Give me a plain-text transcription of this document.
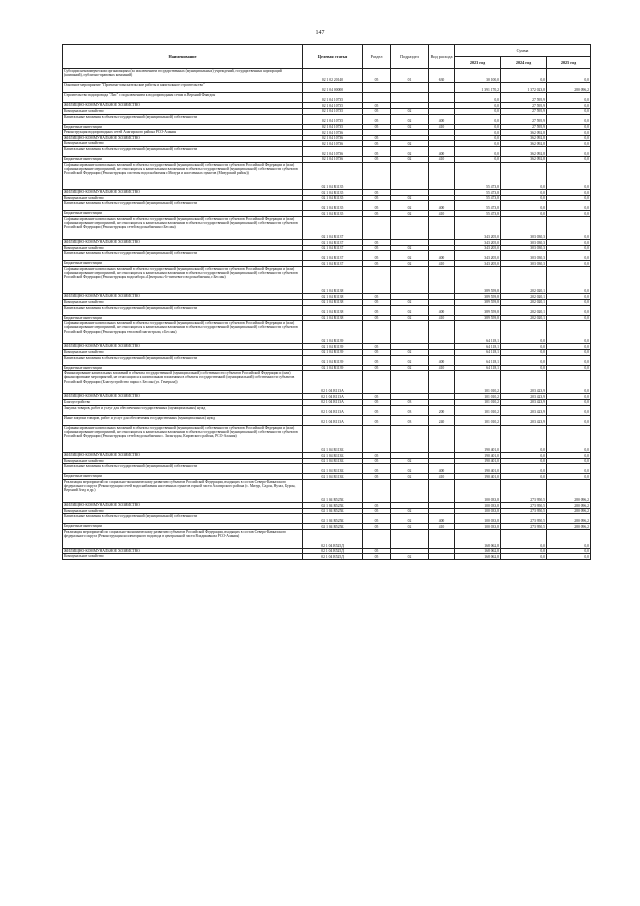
147
Наименование	Целевая статья	Раздел	Подраздел	Вид расхода	Сумма		
					2023 год	2024 год	2025 год
Субсидии некоммерческим организациям (за исключением государственных (муниципальных) учреждений, государственных корпораций (компаний), публично-правовых компаний)	02 1 02 20140	05	01	630	30 100,0	0,0	0,0
Основное мероприятие "Проектно-изыскательские работы и капитальное строительство"	02 1 04 00000				1 391 170,2	1 372 023,8	280 096,2
Строительство водопровода "Лис" с подключением к водопроводным сетям п.Верхний Фиагдон	02 1 04 10735				0,0	27 595,9	0,0
ЖИЛИЩНО-КОММУНАЛЬНОЕ ХОЗЯЙСТВО	02 1 04 10735	05			0,0	27 595,9	0,0
Коммунальное хозяйство	02 1 04 10735	05	02		0,0	27 595,9	0,0
Капитальные вложения в объекты государственной (муниципальной) собственности	02 1 04 10735	05	02	400	0,0	27 595,9	0,0
Бюджетные инвестиции	02 1 04 10735	05	02	410	0,0	27 595,9	0,0
Реконструкция водопроводных сетей Алагирского района РСО-Алания	02 1 04 10736				0,0	362 092,8	0,0
ЖИЛИЩНО-КОММУНАЛЬНОЕ ХОЗЯЙСТВО	02 1 04 10736	05			0,0	362 092,8	0,0
Коммунальное хозяйство	02 1 04 10736	05	02		0,0	362 092,8	0,0
Капитальные вложения в объекты государственной (муниципальной) собственности	02 1 04 10736	05	02	400	0,0	362 092,8	0,0
Бюджетные инвестиции	02 1 04 10736	05	02	410	0,0	362 092,8	0,0
Софинансирование капитальных вложений в объекты государственной (муниципальной) собственности субъектов Российской Федерации и (или) софинансирование мероприятий, не относящихся к капитальным вложениям в объекты государственной (муниципальной) собственности субъектов Российской Федерации (Реконструкция системы водоснабжения г.Мизура и населенных пунктов (Мизурский район))	02 1 04 R1135				55 473,8	0,0	0,0
ЖИЛИЩНО-КОММУНАЛЬНОЕ ХОЗЯЙСТВО	02 1 04 R1135	05			55 473,8	0,0	0,0
Коммунальное хозяйство	02 1 04 R1135	05	02		55 473,8	0,0	0,0
Капитальные вложения в объекты государственной (муниципальной) собственности	02 1 04 R1135	05	02	400	55 473,8	0,0	0,0
Бюджетные инвестиции	02 1 04 R1135	05	02	410	55 473,8	0,0	0,0
Софинансирование капитальных вложений в объекты государственной (муниципальной) собственности субъектов Российской Федерации и (или) софинансирование мероприятий, не относящихся к капитальным вложениям в объекты государственной (муниципальной) собственности субъектов Российской Федерации (Реконструкция сетей водоснабжения г.Беслан)	02 1 04 R1137				343 205,0	303 030,3	0,0
ЖИЛИЩНО-КОММУНАЛЬНОЕ ХОЗЯЙСТВО	02 1 04 R1137	05			343 205,0	303 030,3	0,0
Коммунальное хозяйство	02 1 04 R1137	05	02		343 205,0	303 030,3	0,0
Капитальные вложения в объекты государственной (муниципальной) собственности	02 1 04 R1137	05	02	400	343 205,0	303 030,3	0,0
Бюджетные инвестиции	02 1 04 R1137	05	02	410	343 205,0	303 030,3	0,0
Софинансирование капитальных вложений в объекты государственной (муниципальной) собственности субъектов Российской Федерации и (или) софинансирование мероприятий, не относящихся к капитальным вложениям в объекты государственной (муниципальной) собственности субъектов Российской Федерации (Реконструкция водозабора «Централь»-Ir-питьевого водоснабжения, г.Беслан)	02 1 04 R1138				389 559,8	202 020,1	0,0
ЖИЛИЩНО-КОММУНАЛЬНОЕ ХОЗЯЙСТВО	02 1 04 R1138	05			389 559,8	202 020,1	0,0
Коммунальное хозяйство	02 1 04 R1138	05	02		389 559,8	202 020,1	0,0
Капитальные вложения в объекты государственной (муниципальной) собственности	02 1 04 R1138	05	02	400	389 559,8	202 020,1	0,0
Бюджетные инвестиции	02 1 04 R1138	05	02	410	389 559,8	202 020,1	0,0
Софинансирование капитальных вложений в объекты государственной (муниципальной) собственности субъектов Российской Федерации и (или) софинансирование мероприятий, не относящихся к капитальным вложениям в объекты государственной (муниципальной) собственности субъектов Российской Федерации (Реконструкция тепловой магистрали, г.Беслан)	02 1 04 R1139				64 118,1	0,0	0,0
ЖИЛИЩНО-КОММУНАЛЬНОЕ ХОЗЯЙСТВО	02 1 04 R1139	05			64 118,1	0,0	0,0
Коммунальное хозяйство	02 1 04 R1139	05	02		64 118,1	0,0	0,0
Капитальные вложения в объекты государственной (муниципальной) собственности	02 1 04 R1139	05	02	400	64 118,1	0,0	0,0
Бюджетные инвестиции	02 1 04 R1139	05	02	410	64 118,1	0,0	0,0
Финансирование капитальных вложений в объекты государственной (муниципальной) собственности субъектов Российской Федерации и (или) финансирование мероприятий, не относящихся к капитальным вложениям в объекты государственной (муниципальной) собственности субъектов Российской Федерации (Благоустройство парка г. Беслан (ул. Генерала))	02 1 04 R113A				101 010,2	203 423,9	0,0
ЖИЛИЩНО-КОММУНАЛЬНОЕ ХОЗЯЙСТВО	02 1 04 R113A	05			101 010,2	203 423,9	0,0
Благоустройство	02 1 04 R113A	05	03		101 010,2	203 423,9	0,0
Закупка товаров, работ и услуг для обеспечения государственных (муниципальных) нужд	02 1 04 R113A	05	03	200	101 010,2	203 423,9	0,0
Иные закупки товаров, работ и услуг для обеспечения государственных (муниципальных) нужд	02 1 04 R113A	05	03	240	101 010,2	203 423,9	0,0
Софинансирование капитальных вложений в объекты государственной (муниципальной) собственности субъектов Российской Федерации и (или) софинансирование мероприятий, не относящихся к капитальным вложениям в объекты государственной (муниципальной) собственности субъектов Российской Федерации (Реконструкция сетей водоснабжения с. Зильгидон, Кировского района, РСО-Алания)	02 1 04 R113Б				190 401,0	0,0	0,0
ЖИЛИЩНО-КОММУНАЛЬНОЕ ХОЗЯЙСТВО	02 1 04 R113Б	05			190 401,0	0,0	0,0
Коммунальное хозяйство	02 1 04 R113Б	05	02		190 401,0	0,0	0,0
Капитальные вложения в объекты государственной (муниципальной) собственности	02 1 04 R113Б	05	02	400	190 401,0	0,0	0,0
Бюджетные инвестиции	02 1 04 R113Б	05	02	410	190 401,0	0,0	0,0
Реализация мероприятий по социально-экономическому развитию субъектов Российской Федерации, входящих в состав Северо-Кавказского федерального округа (Реконструкция сетей водоснабжения населенных пунктов горной части Алагирского района (с. Мизур, Садон, Нузал, Бурон, Верхний Згид и др.)	02 1 04 R525Б				100 033,8	273 950,5	280 096,2
ЖИЛИЩНО-КОММУНАЛЬНОЕ ХОЗЯЙСТВО	02 1 04 R525Б	05			100 033,8	273 950,5	280 096,2
Коммунальное хозяйство	02 1 04 R525Б	05	02		100 033,8	273 950,5	280 096,2
Капитальные вложения в объекты государственной (муниципальной) собственности	02 1 04 R525Б	05	02	400	100 033,8	273 950,5	280 096,2
Бюджетные инвестиции	02 1 04 R525Б	05	02	410	100 033,8	273 950,5	280 096,2
Реализация мероприятий по социально-экономическому развитию субъектов Российской Федерации, входящих в состав Северо-Кавказского федерального округа (Реконструкция коллекторного водовода в центральной части Владикавказа РСО-Алания)	02 1 04 R525Д				168 062,8	0,0	0,0
ЖИЛИЩНО-КОММУНАЛЬНОЕ ХОЗЯЙСТВО	02 1 04 R525Д	05			168 062,8	0,0	0,0
Коммунальное хозяйство	02 1 04 R525Д	05	02		168 062,8	0,0	0,0
